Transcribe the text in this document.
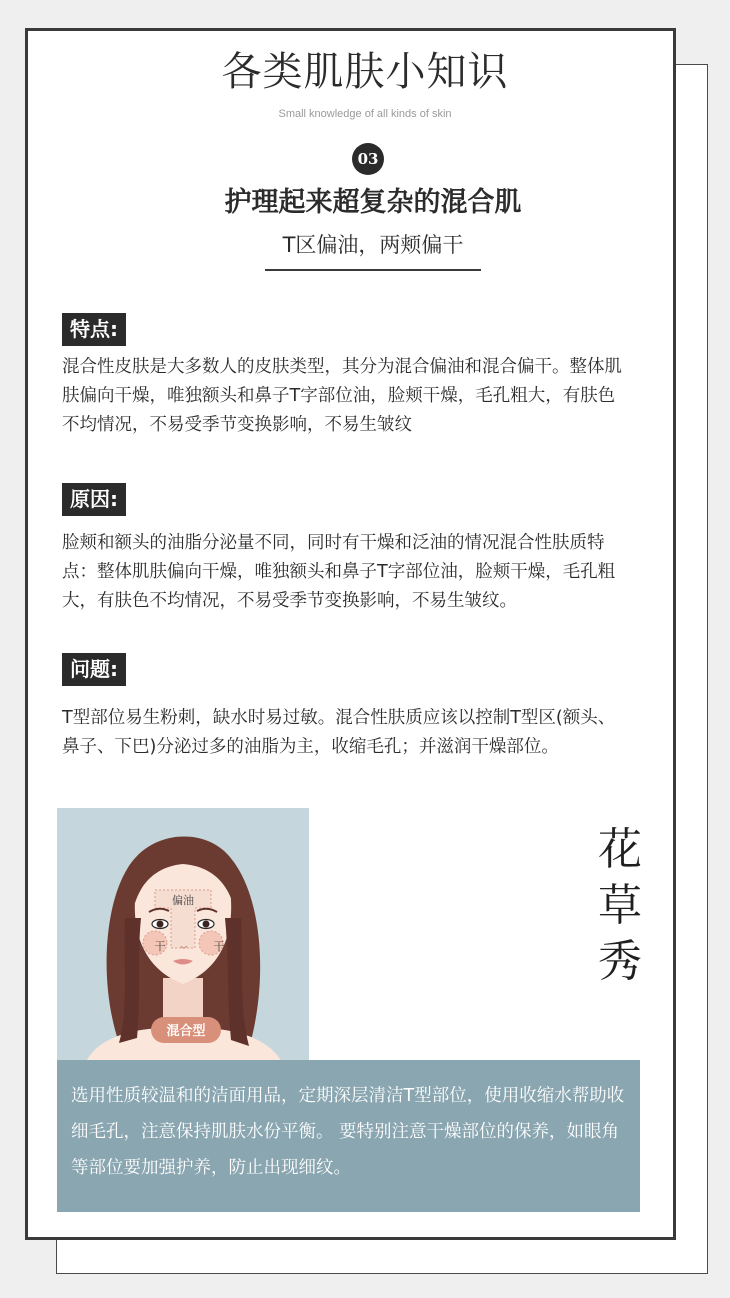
各类肌肤小知识
Small knowledge of all kinds of skin
03
护理起来超复杂的混合肌
T区偏油，两颊偏干
特点:

混合性皮肤是大多数人的皮肤类型，其分为混合偏油和混合偏干。整体肌肤偏向干燥，唯独额头和鼻子T字部位油，脸颊干燥，毛孔粗大，有肤色不均情况，不易受季节变换影响，不易生皱纹

原因:

脸颊和额头的油脂分泌量不同，同时有干燥和泛油的情况混合性肤质特点：整体肌肤偏向干燥，唯独额头和鼻子T字部位油，脸颊干燥，毛孔粗大，有肤色不均情况，不易受季节变换影响，不易生皱纹。

问题:

T型部位易生粉刺，缺水时易过敏。混合性肤质应该以控制T型区(额头、鼻子、下巴)分泌过多的油脂为主，收缩毛孔；并滋润干燥部位。

偏油
干	干
混合型
花
草
秀

选用性质较温和的洁面用品，定期深层清洁T型部位，使用收缩水帮助收细毛孔，注意保持肌肤水份平衡。 要特别注意干燥部位的保养，如眼角等部位要加强护养，防止出现细纹。
